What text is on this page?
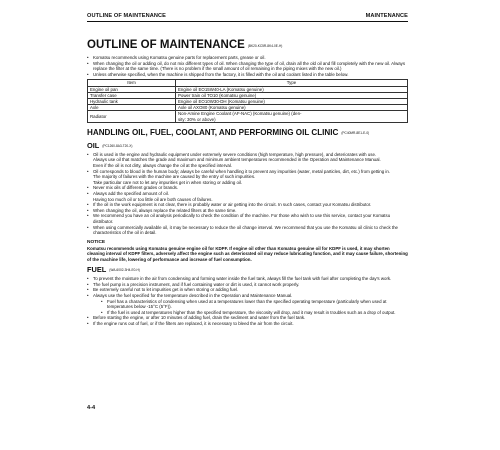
OUTLINE OF MAINTENANCE	MAINTENANCE
OUTLINE OF MAINTENANCE (BK20-KC5R-8K4-0E-H)
• Komatsu recommends using Komatsu genuine parts for replacement parts, grease or oil.
• When changing the oil or adding oil, do not mix different types of oil. When changing the type of oil, drain all the old oil and fill completely with the new oil. Always replace the filter at the same time. (There is no problem if the small amount of oil remaining in the piping mixes with the new oil.)
• Unless otherwise specified, when the machine is shipped from the factory, it is filled with the oil and coolant listed in the table below.
Item	Type
Engine oil pan	Engine oil EO15W40-LA (Komatsu genuine)
Transfer case	Power train oil TO10 (Komatsu genuine)
Hydraulic tank	Engine oil EO10W30-DH (Komatsu genuine)
Axle	Axle oil AXO80 (Komatsu genuine)
Radiator	Non-Amine Engine Coolant (AF-NAC) (Komatsu genuine) (den-
sity: 30% or above)
HANDLING OIL, FUEL, COOLANT, AND PERFORMING OIL CLINIC (PC40MR-8E1-E-0)
OIL (PC1260-8A3-T20-X)
• Oil is used in the engine and hydraulic equipment under extremely severe conditions (high temperature, high pressure), and deteriorates with use.
Always use oil that matches the grade and maximum and minimum ambient temperatures recommended in the Operation and Maintenance Manual.
Even if the oil is not dirty, always change the oil at the specified interval.
• Oil corresponds to blood in the human body; always be careful when handling it to prevent any impurities (water, metal particles, dirt, etc.) from getting in.
The majority of failures with the machine are caused by the entry of such impurities.
Take particular care not to let any impurities get in when storing or adding oil.
• Never mix oils of different grades or brands.
• Always add the specified amount of oil.
Having too much oil or too little oil are both causes of failures.
• If the oil in the work equipment is not clear, there is probably water or air getting into the circuit. In such cases, contact your Komatsu distributor.
• When changing the oil, always replace the related filters at the same time.
• We recommend you have an oil analysis periodically to check the condition of the machine. For those who wish to use this service, contact your Komatsu distributor.
• When using commercially available oil, it may be necessary to reduce the oil change interval. We recommend that you use the Komatsu oil clinic to check the characteristics of the oil in detail.
NOTICE

Komatsu recommends using Komatsu genuine engine oil for KDPF. If engine oil other than Komatsu genuine oil for KDPF is used, it may shorten cleaning interval of KDPF filters, adversely affect the engine such as deteriorated oil may reduce lubricating function, and it may cause failure, shortening of the machine life, lowering of performance and increase of fuel consumption.

FUEL (WA-6002-3H4-E0-H)
• To prevent the moisture in the air from condensing and forming water inside the fuel tank, always fill the fuel tank with fuel after completing the day's work.
• The fuel pump is a precision instrument, and if fuel containing water or dirt is used, it cannot work properly.
• Be extremely careful not to let impurities get in when storing or adding fuel.
• Always use the fuel specified for the temperature described in the Operation and Maintenance Manual.
• Fuel has a characteristics of condensing when used at a temperatures lower than the specified operating temperature (particularly when used at temperatures below -15°C (5°F)).
• If the fuel is used at temperatures higher than the specified temperature, the viscosity will drop, and it may result in troubles such as a drop of output.
• Before starting the engine, or after 10 minutes of adding fuel, drain the sediment and water from the fuel tank.
• If the engine runs out of fuel, or if the filters are replaced, it is necessary to bleed the air from the circuit.
4-4
